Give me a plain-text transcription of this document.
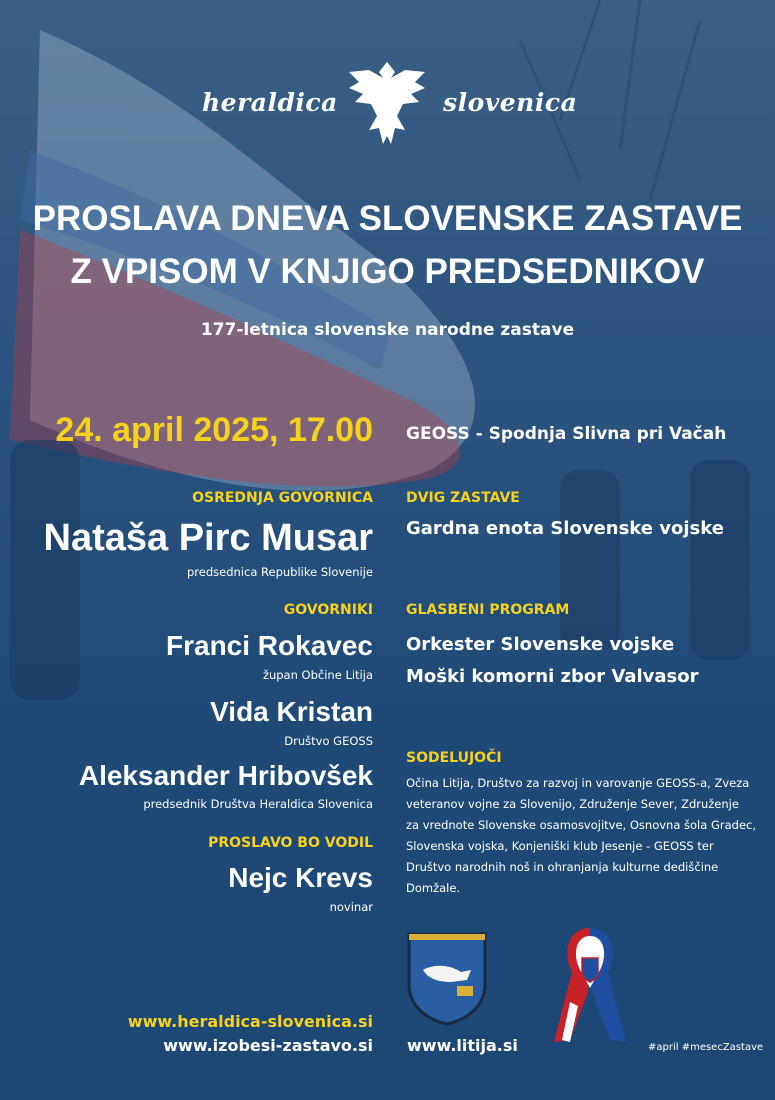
heraldica	slovenica
PROSLAVA DNEVA SLOVENSKE ZASTAVE
Z VPISOM V KNJIGO PREDSEDNIKOV
177-letnica slovenske narodne zastave
24. april 2025, 17.00 GEOSS - Spodnja Slivna pri Vačah
OSREDNJA GOVORNICA
Nataša Pirc Musar
predsednica Republike Slovenije
GOVORNIKI
Franci Rokavec
župan Občine Litija
Vida Kristan
Društvo GEOSS
Aleksander Hribovšek
predsednik Društva Heraldica Slovenica
PROSLAVO BO VODIL
Nejc Krevs
novinar
DVIG ZASTAVE
Gardna enota Slovenske vojske
GLASBENI PROGRAM
Orkester Slovenske vojske
Moški komorni zbor Valvasor
SODELUJOČI
Očina Litija, Društvo za razvoj in varovanje GEOSS-a, Zveza
veteranov vojne za Slovenijo, Združenje Sever, Združenje
za vrednote Slovenske osamosvojitve, Osnovna šola Gradec,
Slovenska vojska, Konjeniški klub Jesenje - GEOSS ter
Društvo narodnih noš in ohranjanja kulturne dediščine Domžale.
www.heraldica-slovenica.si
www.izobesi-zastavo.si www.litija.si	#april #mesecZastave
